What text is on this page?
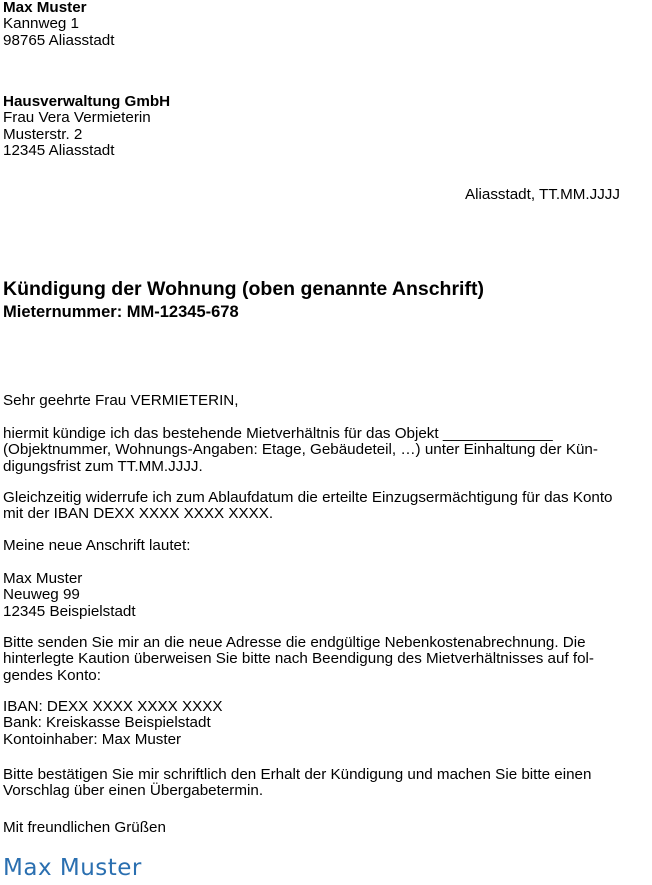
Max Muster
Kannweg 1
98765 Aliasstadt
Hausverwaltung GmbH
Frau Vera Vermieterin
Musterstr. 2
12345 Aliasstadt
Aliasstadt, TT.MM.JJJJ
Kündigung der Wohnung (oben genannte Anschrift)
Mieternummer: MM-12345-678
Sehr geehrte Frau VERMIETERIN,
hiermit kündige ich das bestehende Mietverhältnis für das Objekt _____________
(Objektnummer, Wohnungs-Angaben: Etage, Gebäudeteil, …) unter Einhaltung der Kün-
digungsfrist zum TT.MM.JJJJ.
Gleichzeitig widerrufe ich zum Ablaufdatum die erteilte Einzugsermächtigung für das Konto
mit der IBAN DEXX XXXX XXXX XXXX.
Meine neue Anschrift lautet:
Max Muster
Neuweg 99
12345 Beispielstadt
Bitte senden Sie mir an die neue Adresse die endgültige Nebenkostenabrechnung. Die
hinterlegte Kaution überweisen Sie bitte nach Beendigung des Mietverhältnisses auf fol-
gendes Konto:
IBAN: DEXX XXXX XXXX XXXX
Bank: Kreiskasse Beispielstadt
Kontoinhaber: Max Muster
Bitte bestätigen Sie mir schriftlich den Erhalt der Kündigung und machen Sie bitte einen
Vorschlag über einen Übergabetermin.
Mit freundlichen Grüßen
Max Muster
